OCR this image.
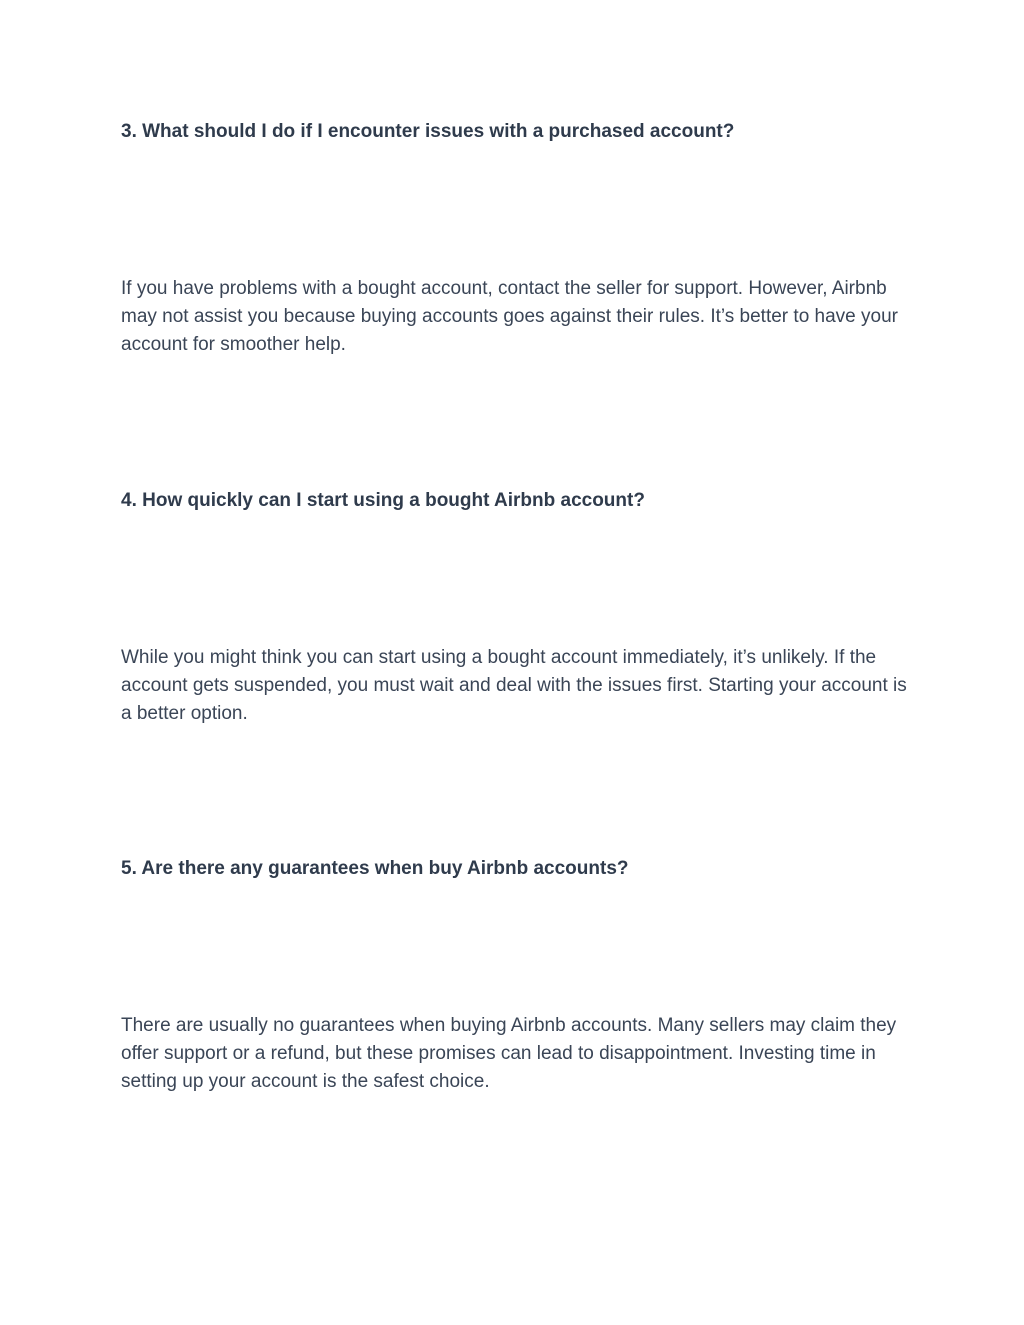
3. What should I do if I encounter issues with a purchased account?

If you have problems with a bought account, contact the seller for support. However, Airbnb may not assist you because buying accounts goes against their rules. It’s better to have your account for smoother help.

4. How quickly can I start using a bought Airbnb account?

While you might think you can start using a bought account immediately, it’s unlikely. If the account gets suspended, you must wait and deal with the issues first. Starting your account is a better option.

5. Are there any guarantees when buy Airbnb accounts?

There are usually no guarantees when buying Airbnb accounts. Many sellers may claim they offer support or a refund, but these promises can lead to disappointment. Investing time in setting up your account is the safest choice.
